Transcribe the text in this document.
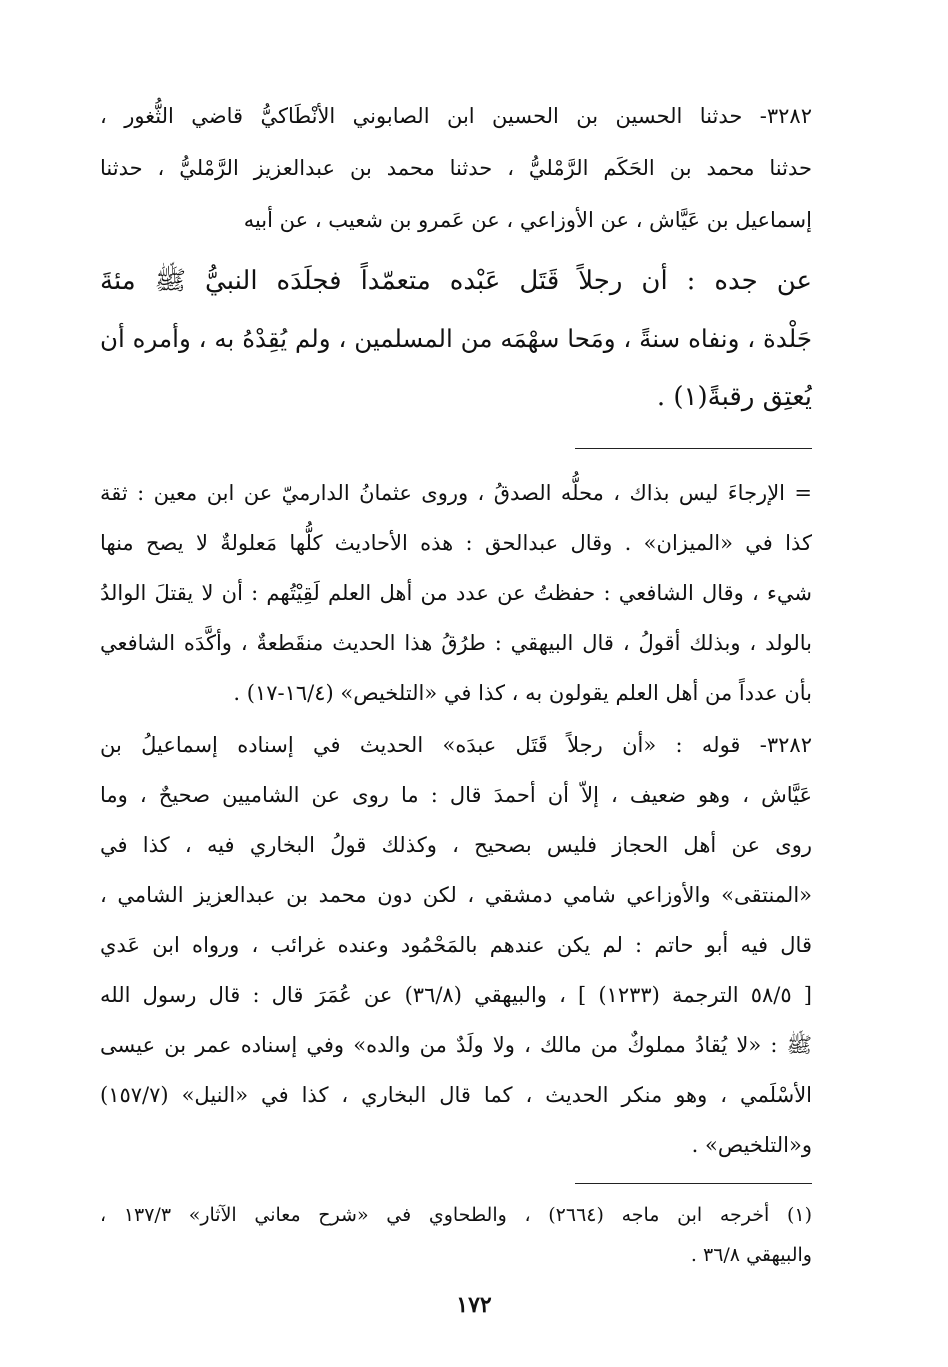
٣٢٨٢- حدثنا الحسين بن الحسين ابن الصابوني الأنْطَاكيُّ قاضي الثُّغور ،
حدثنا محمد بن الحَكَم الرَّمْليُّ ، حدثنا محمد بن عبدالعزيز الرَّمْليُّ ، حدثنا
إسماعيل بن عَيَّاش ، عن الأوزاعي ، عن عَمرو بن شعيب ، عن أبيه
عن جده : أن رجلاً قَتَل عَبْده متعمّداً فجلَدَه النبيُّ ﷺ مئةَ
جَلْدة ، ونفاه سنةً ، ومَحا سهْمَه من المسلمين ، ولم يُقِدْهُ به ، وأمره أن
يُعتِق رقبةً(١) .
= الإرجاءَ ليس بذاك ، محلُّه الصدقُ ، وروى عثمانُ الدارميّ عن ابن معين : ثقة
كذا في «الميزان» . وقال عبدالحق : هذه الأحاديث كلُّها مَعلولةٌ لا يصح منها
شيء ، وقال الشافعي : حفظتُ عن عدد من أهل العلم لَقِيْتُهم : أن لا يقتلَ الوالدُ
بالولد ، وبذلك أقولُ ، قال البيهقي : طرُقُ هذا الحديث منقَطعةٌ ، وأكَّدَه الشافعي
بأن عدداً من أهل العلم يقولون به ، كذا في «التلخيص» (١٦/٤-١٧) .
٣٢٨٢- قوله : «أن رجلاً قَتَل عبدَه» الحديث في إسناده إسماعيلُ بن
عَيَّاش ، وهو ضعيف ، إلاّ أن أحمدَ قال : ما روى عن الشاميين صحيحٌ ، وما
روى عن أهل الحجاز فليس بصحيح ، وكذلك قولُ البخاري فيه ، كذا في
«المنتقى» والأوزاعي شامي دمشقي ، لكن دون محمد بن عبدالعزيز الشامي ،
قال فيه أبو حاتم : لم يكن عندهم بالمَحْمُود وعنده غرائب ، ورواه ابن عَدي
[ ٥٨/٥ الترجمة (١٢٣٣) ] ، والبيهقي (٣٦/٨) عن عُمَرَ قال : قال رسول الله
ﷺ : «لا يُقادُ مملوكٌ من مالك ، ولا ولَدٌ من والده» وفي إسناده عمر بن عيسى
الأسْلَمي ، وهو منكر الحديث ، كما قال البخاري ، كذا في «النيل» (١٥٧/٧)
و«التلخيص» .
(١) أخرجه ابن ماجه (٢٦٦٤) ، والطحاوي في «شرح معاني الآثار» ١٣٧/٣ ،
والبيهقي ٣٦/٨ .
١٧٢
